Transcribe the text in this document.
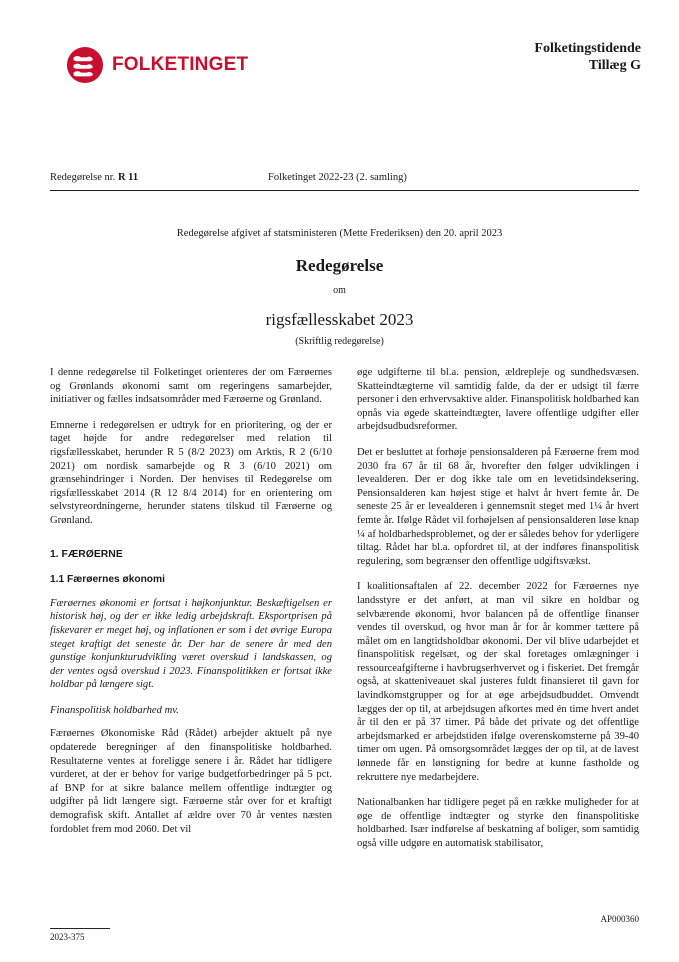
FOLKETINGET
Folketingstidende
Tillæg G
Redegørelse nr. R 11	Folketinget 2022-23 (2. samling)
Redegørelse afgivet af statsministeren (Mette Frederiksen) den 20. april 2023
Redegørelse
om
rigsfællesskabet 2023
(Skriftlig redegørelse)

I denne redegørelse til Folketinget orienteres der om Færøernes og Grønlands økonomi samt om regeringens samarbejder, initiativer og fælles indsatsområder med Færøerne og Grønland.

Emnerne i redegørelsen er udtryk for en prioritering, og der er taget højde for andre redegørelser med relation til rigsfællesskabet, herunder R 5 (8/2 2023) om Arktis, R 2 (6/10 2021) om nordisk samarbejde og R 3 (6/10 2021) om grænsehindringer i Norden. Der henvises til Redegørelse om rigsfællesskabet 2014 (R 12 8/4 2014) for en orientering om selvstyreordningerne, herunder statens tilskud til Færøerne og Grønland.

1. FÆRØERNE
1.1 Færøernes økonomi

Færøernes økonomi er fortsat i højkonjunktur. Beskæftigelsen er historisk høj, og der er ikke ledig arbejdskraft. Eksportprisen på fiskevarer er meget høj, og inflationen er som i det øvrige Europa steget kraftigt det seneste år. Der har de senere år med den gunstige konjunkturudvikling været overskud i landskassen, og der ventes også overskud i 2023. Finanspolitikken er fortsat ikke holdbar på længere sigt.

Finanspolitisk holdbarhed mv.

Færøernes Økonomiske Råd (Rådet) arbejder aktuelt på nye opdaterede beregninger af den finanspolitiske holdbarhed. Resultaterne ventes at foreligge senere i år. Rådet har tidligere vurderet, at der er behov for varige budgetforbedringer på 5 pct. af BNP for at sikre balance mellem offentlige indtægter og udgifter på lidt længere sigt. Færøerne står over for et kraftigt demografisk skift. Antallet af ældre over 70 år ventes næsten fordoblet frem mod 2060. Det vil

øge udgifterne til bl.a. pension, ældrepleje og sundhedsvæsen. Skatteindtægterne vil samtidig falde, da der er udsigt til færre personer i den erhvervsaktive alder. Finanspolitisk holdbarhed kan opnås via øgede skatteindtægter, lavere offentlige udgifter eller arbejdsudbudsreformer.

Det er besluttet at forhøje pensionsalderen på Færøerne frem mod 2030 fra 67 år til 68 år, hvorefter den følger udviklingen i levealderen. Der er dog ikke tale om en levetidsindeksering. Pensionsalderen kan højest stige et halvt år hvert femte år. De seneste 25 år er levealderen i gennemsnit steget med 1¼ år hvert femte år. Ifølge Rådet vil forhøjelsen af pensionsalderen løse knap ¼ af holdbarhedsproblemet, og der er således behov for yderligere tiltag. Rådet har bl.a. opfordret til, at der indføres finanspolitisk regulering, som begrænser den offentlige udgiftsvækst.

I koalitionsaftalen af 22. december 2022 for Færøernes nye landsstyre er det anført, at man vil sikre en holdbar og selvbærende økonomi, hvor balancen på de offentlige finanser vendes til overskud, og hvor man år for år kommer tættere på målet om en langtidsholdbar økonomi. Der vil blive udarbejdet et finanspolitisk regelsæt, og der skal foretages omlægninger i ressourceafgifterne i havbrugserhvervet og i fiskeriet. Det fremgår også, at skatteniveauet skal justeres fuldt finansieret til gavn for lavindkomstgrupper og for at øge arbejdsudbuddet. Omvendt lægges der op til, at arbejdsugen afkortes med én time hvert andet år til den er på 37 timer. På både det private og det offentlige arbejdsmarked er arbejdstiden ifølge overenskomsterne på 39-40 timer om ugen. På omsorgsområdet lægges der op til, at de lavest lønnede får en lønstigning for bedre at kunne fastholde og rekruttere nye medarbejdere.

Nationalbanken har tidligere peget på en række muligheder for at øge de offentlige indtægter og styrke den finanspolitiske holdbarhed. Især indførelse af beskatning af boliger, som samtidig også ville udgøre en automatisk stabilisator,

AP000360
2023-375
